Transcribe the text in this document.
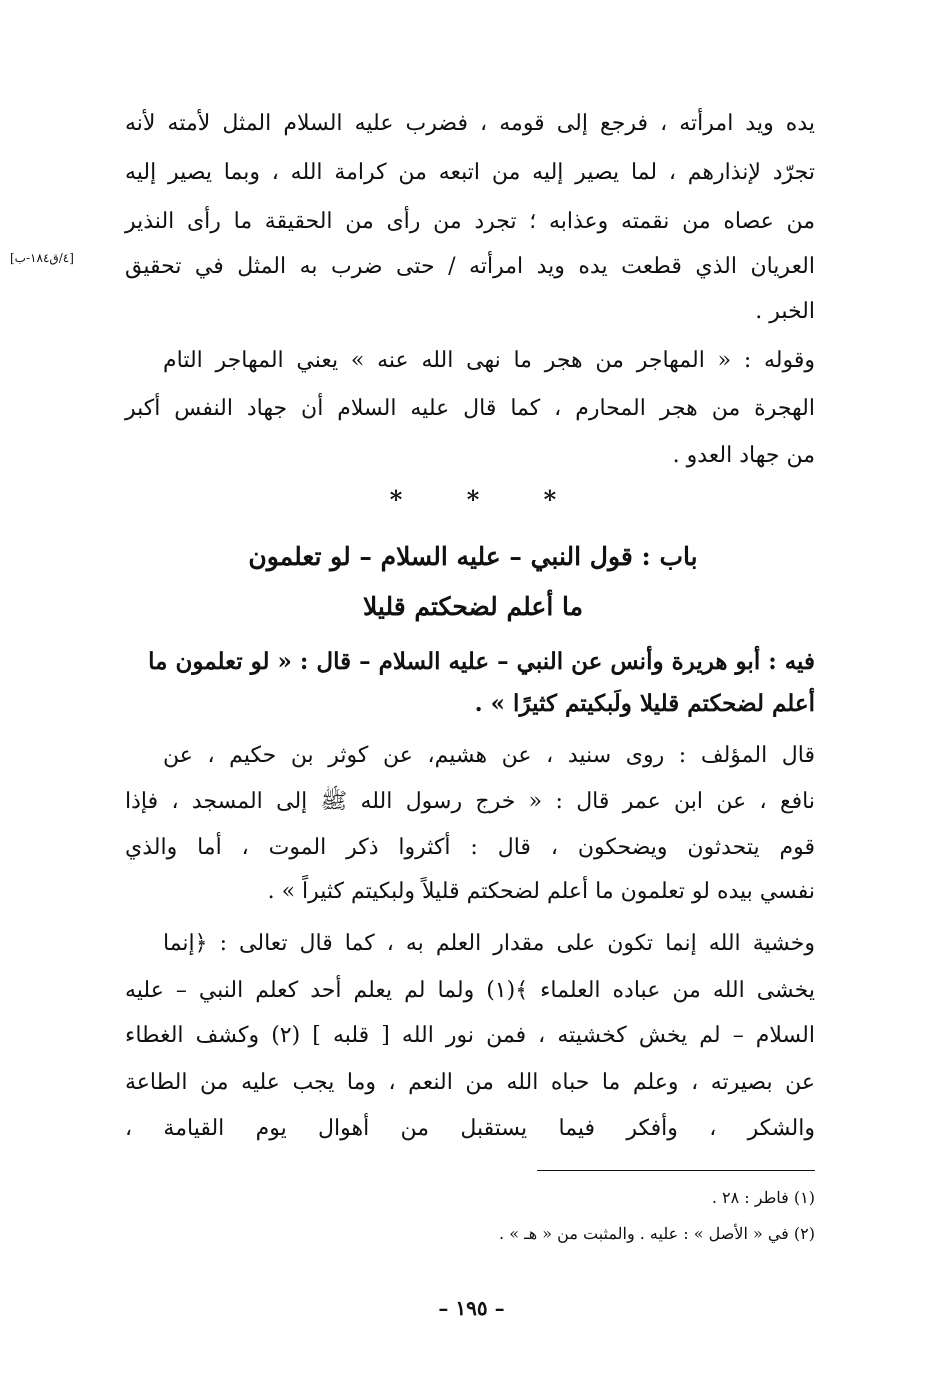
يده ويد امرأته ، فرجع إلى قومه ، فضرب عليه السلام المثل لأمته لأنه
تجرّد لإنذارهم ، لما يصير إليه من اتبعه من كرامة الله ، وبما يصير إليه
من عصاه من نقمته وعذابه ؛ تجرد من رأى من الحقيقة ما رأى النذير
العريان الذي قطعت يده ويد امرأته / حتى ضرب به المثل في تحقيق
[٤/ق١٨٤-ب]
الخبر .
وقوله : « المهاجر من هجر ما نهى الله عنه » يعني المهاجر التام
الهجرة من هجر المحارم ، كما قال عليه السلام أن جهاد النفس أكبر
من جهاد العدو .
*	*	*
باب : قول النبي – عليه السلام – لو تعلمون
ما أعلم لضحكتم قليلا
فيه : أبو هريرة وأنس عن النبي – عليه السلام – قال : « لو تعلمون ما
أعلم لضحكتم قليلا ولَبكيتم كثيرًا » .
قال المؤلف : روى سنيد ، عن هشيم، عن كوثر بن حكيم ، عن
نافع ، عن ابن عمر قال : « خرج رسول الله ﷺ إلى المسجد ، فإذا
قوم يتحدثون ويضحكون ، قال : أكثروا ذكر الموت ، أما والذي
نفسي بيده لو تعلمون ما أعلم لضحكتم قليلاً ولبكيتم كثيراً » .
وخشية الله إنما تكون على مقدار العلم به ، كما قال تعالى : ﴿إنما
يخشى الله من عباده العلماء ﴾(١) ولما لم يعلم أحد كعلم النبي – عليه
السلام – لم يخش كخشيته ، فمن نور الله [ قلبه ] (٢) وكشف الغطاء
عن بصيرته ، وعلم ما حباه الله من النعم ، وما يجب عليه من الطاعة
والشكر ، وأفكر فيما يستقبل من أهوال يوم القيامة ،
(١) فاطر : ٢٨ .
(٢) في « الأصل » : عليه . والمثبت من « هـ » .
– ١٩٥ –
